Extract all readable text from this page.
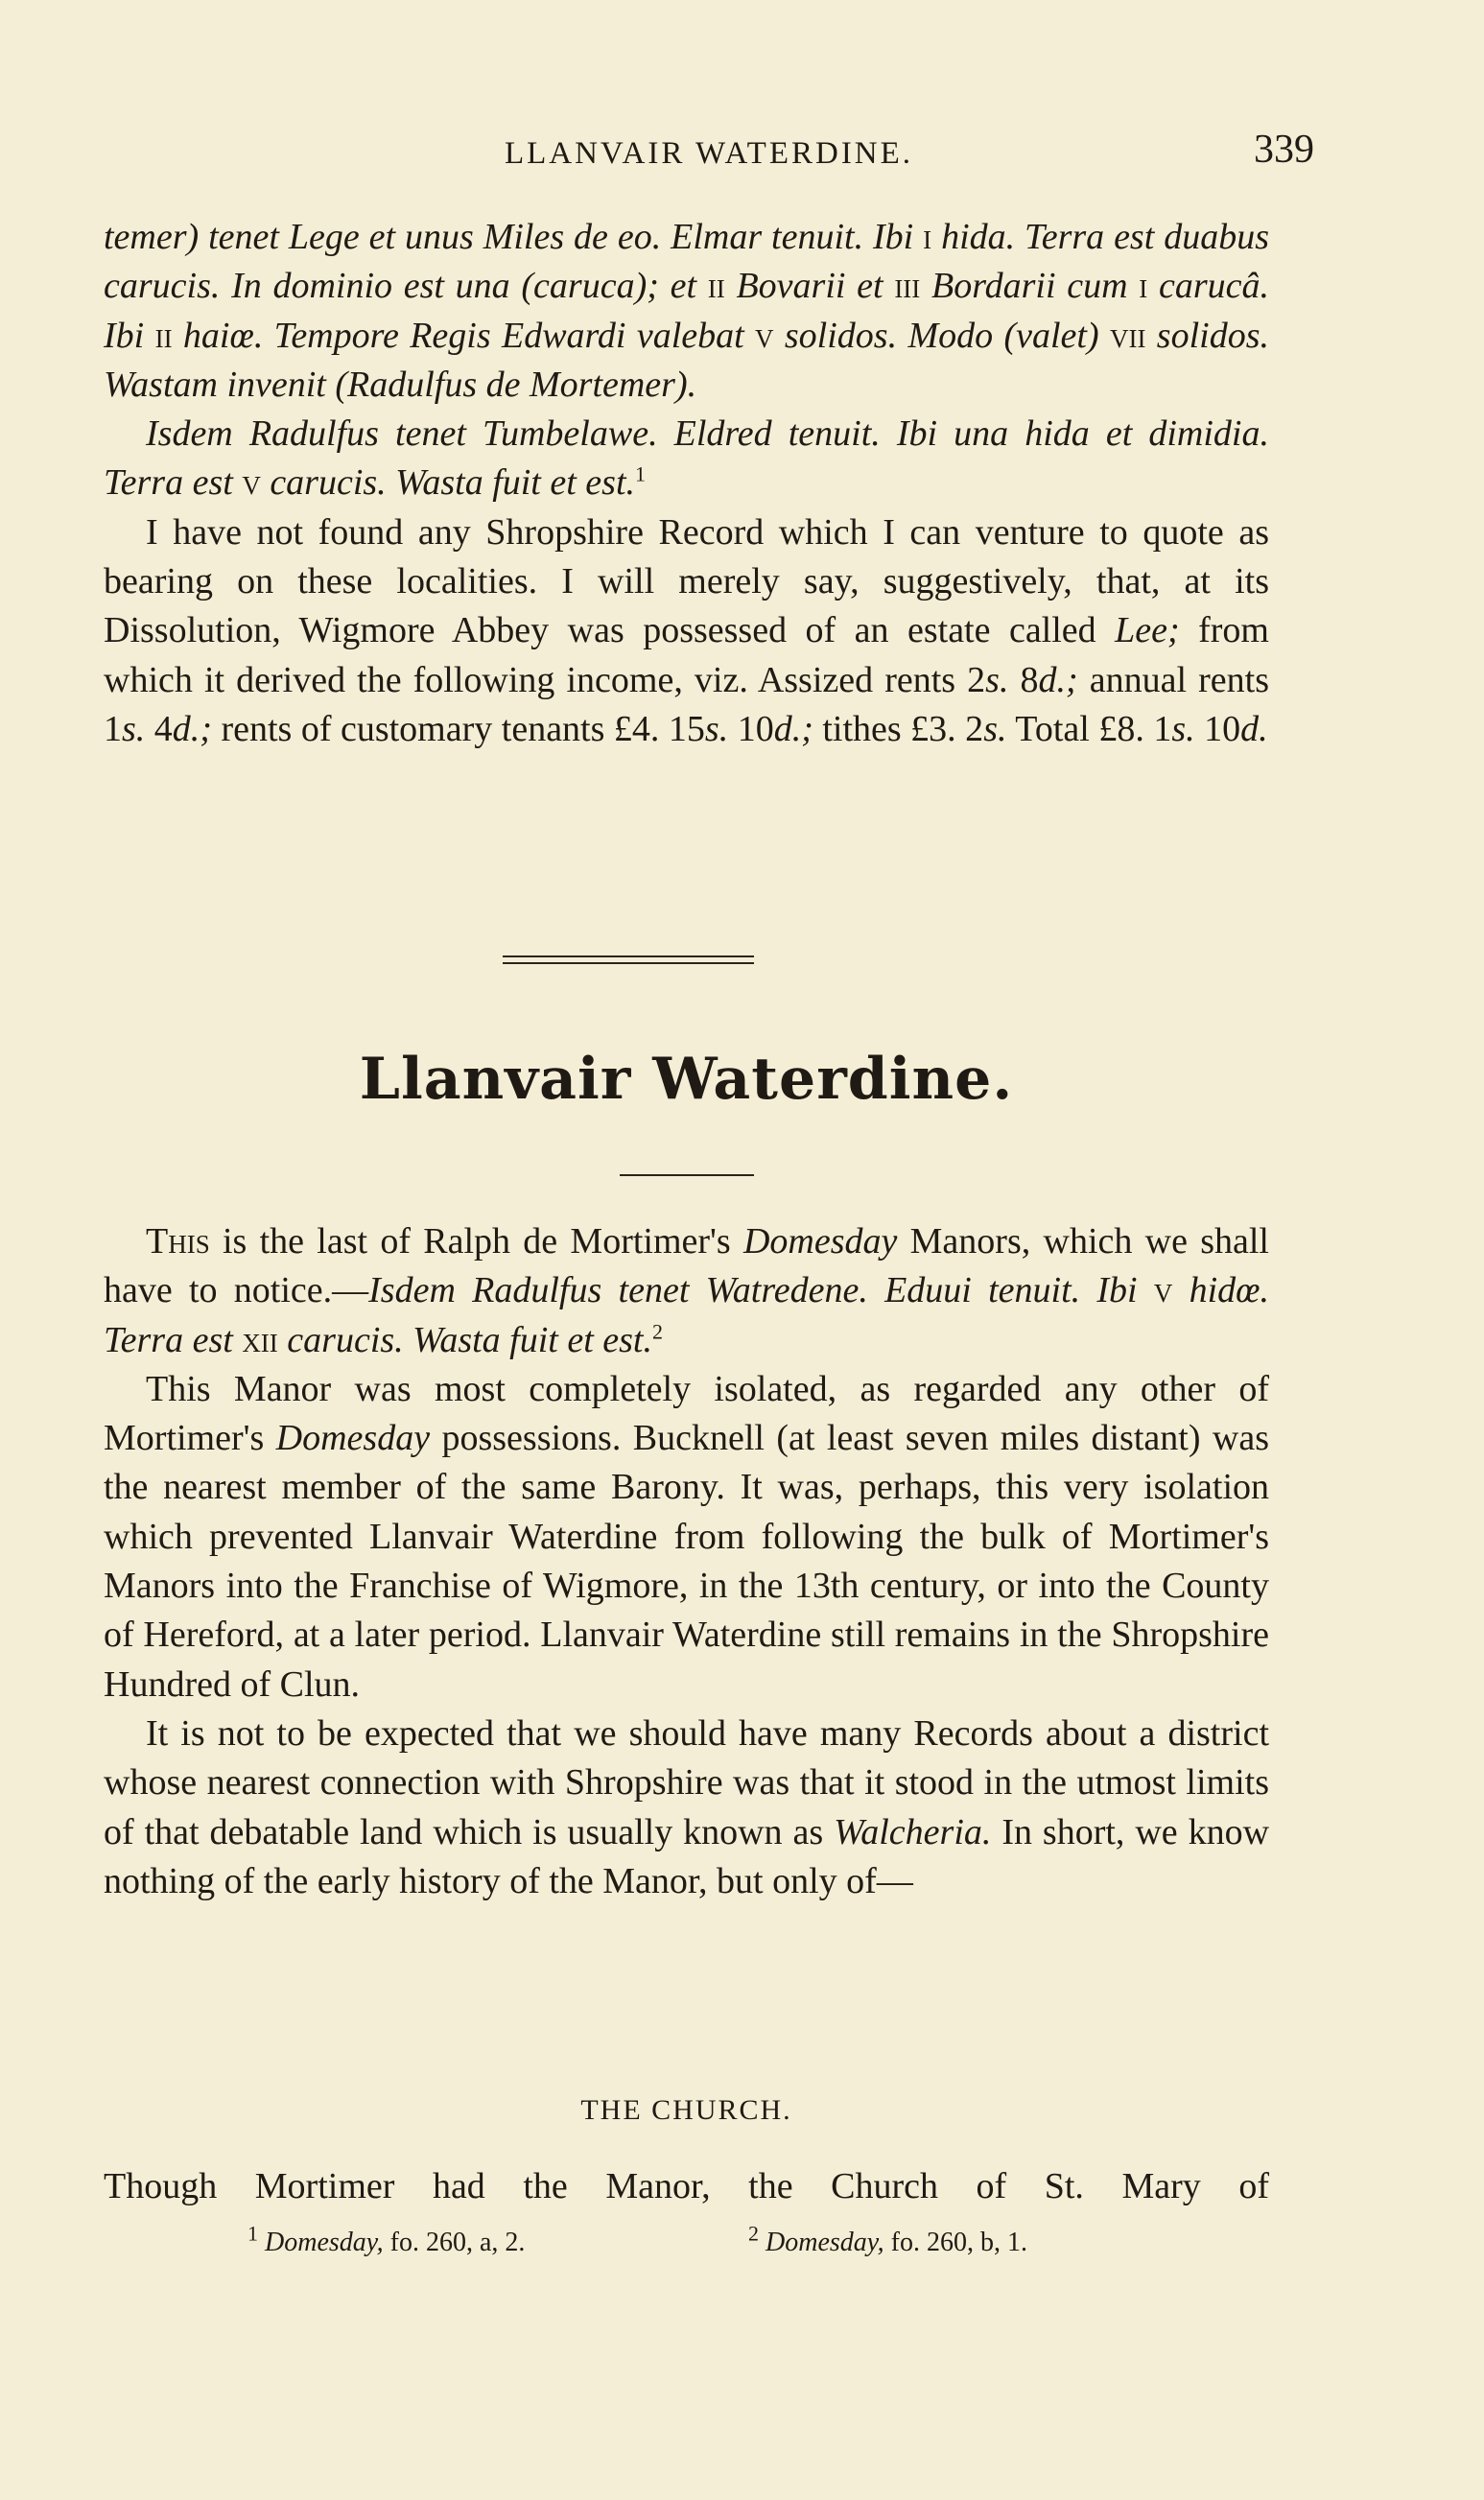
LLANVAIR WATERDINE.	339

temer) tenet Lege et unus Miles de eo. Elmar tenuit. Ibi i hida. Terra est duabus carucis. In dominio est una (caruca); et ii Bovarii et iii Bordarii cum i carucâ. Ibi ii haiœ. Tempore Regis Edwardi valebat v solidos. Modo (valet) vii solidos. Wastam invenit (Radulfus de Mortemer).

Isdem Radulfus tenet Tumbelawe. Eldred tenuit. Ibi una hida et dimidia. Terra est v carucis. Wasta fuit et est.$^1$

I have not found any Shropshire Record which I can venture to quote as bearing on these localities. I will merely say, suggestively, that, at its Dissolution, Wigmore Abbey was possessed of an estate called Lee; from which it derived the following income, viz. Assized rents 2s. 8d.; annual rents 1s. 4d.; rents of customary tenants £4. 15s. 10d.; tithes £3. 2s. Total £8. 1s. 10d.

Llanvair Waterdine.

This is the last of Ralph de Mortimer's Domesday Manors, which we shall have to notice.—Isdem Radulfus tenet Watredene. Eduui tenuit. Ibi v hidœ. Terra est xii carucis. Wasta fuit et est.$^2$

This Manor was most completely isolated, as regarded any other of Mortimer's Domesday possessions. Bucknell (at least seven miles distant) was the nearest member of the same Barony. It was, perhaps, this very isolation which prevented Llanvair Waterdine from following the bulk of Mortimer's Manors into the Franchise of Wigmore, in the 13th century, or into the County of Hereford, at a later period. Llanvair Waterdine still remains in the Shropshire Hundred of Clun.

It is not to be expected that we should have many Records about a district whose nearest connection with Shropshire was that it stood in the utmost limits of that debatable land which is usually known as Walcheria. In short, we know nothing of the early history of the Manor, but only of—

THE CHURCH.
Though Mortimer had the Manor, the Church of St. Mary of
$^1$ Domesday, fo. 260, a, 2.	$^2$ Domesday, fo. 260, b, 1.
